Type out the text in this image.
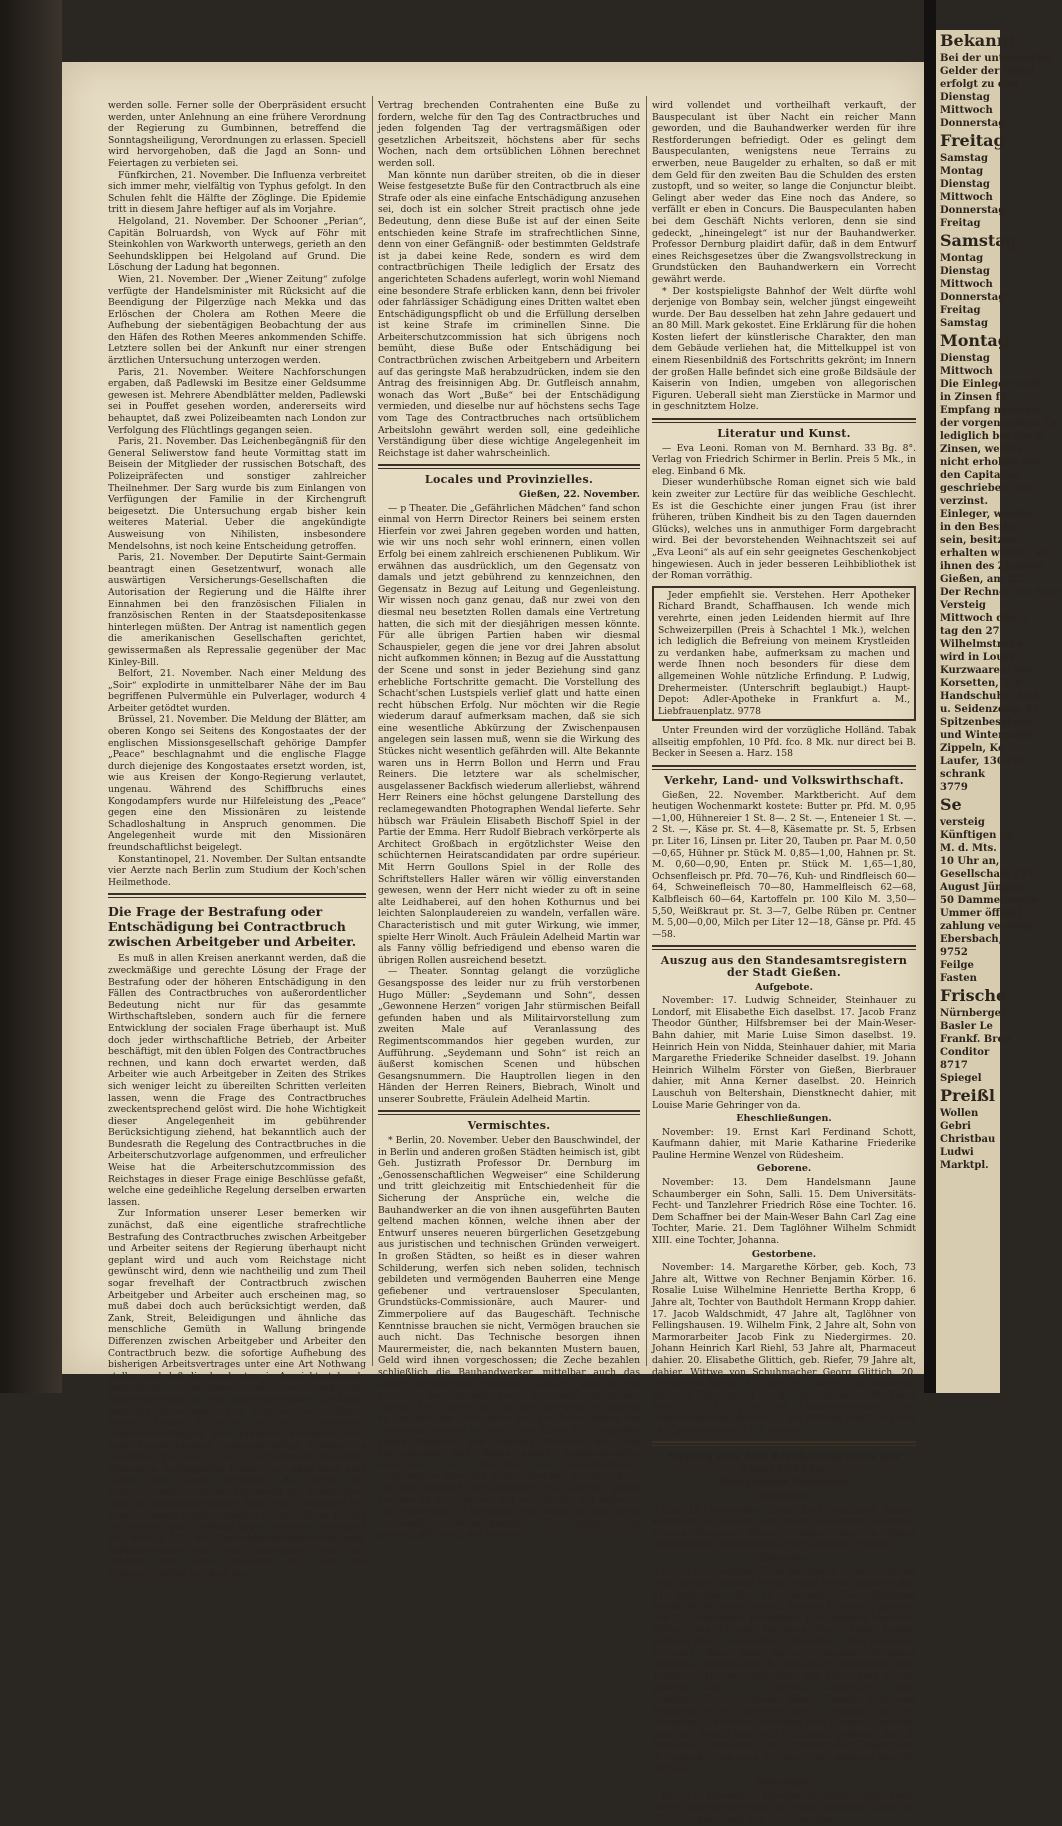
werden solle. Ferner solle der Oberpräsident ersucht werden, unter Anlehnung an eine frühere Verordnung der Regierung zu Gumbinnen, betreffend die Sonntagsheiligung, Verordnungen zu erlassen. Speciell wird hervorgehoben, daß die Jagd an Sonn- und Feiertagen zu verbieten sei.

Fünfkirchen, 21. November. Die Influenza verbreitet sich immer mehr, vielfältig von Typhus gefolgt. In den Schulen fehlt die Hälfte der Zöglinge. Die Epidemie tritt in diesem Jahre heftiger auf als im Vorjahre.

Helgoland, 21. November. Der Schooner „Perian“, Capitän Bolruardsh, von Wyck auf Föhr mit Steinkohlen von Warkworth unterwegs, gerieth an den Seehundsklippen bei Helgoland auf Grund. Die Löschung der Ladung hat begonnen.

Wien, 21. November. Der „Wiener Zeitung“ zufolge verfügte der Handelsminister mit Rücksicht auf die Beendigung der Pilgerzüge nach Mekka und das Erlöschen der Cholera am Rothen Meere die Aufhebung der siebentägigen Beobachtung der aus den Häfen des Rothen Meeres ankommenden Schiffe. Letztere sollen bei der Ankunft nur einer strengen ärztlichen Untersuchung unterzogen werden.

Paris, 21. November. Weitere Nachforschungen ergaben, daß Padlewski im Besitze einer Geldsumme gewesen ist. Mehrere Abendblätter melden, Padlewski sei in Pouffet gesehen worden, andererseits wird behauptet, daß zwei Polizeibeamten nach London zur Verfolgung des Flüchtlings gegangen seien.

Paris, 21. November. Das Leichenbegängniß für den General Seliwerstow fand heute Vormittag statt im Beisein der Mitglieder der russischen Botschaft, des Polizeipräfecten und sonstiger zahlreicher Theilnehmer. Der Sarg wurde bis zum Einlangen von Verfügungen der Familie in der Kirchengruft beigesetzt. Die Untersuchung ergab bisher kein weiteres Material. Ueber die angekündigte Ausweisung von Nihilisten, insbesondere Mendelsohns, ist noch keine Entscheidung getroffen.

Paris, 21. November. Der Deputirte Saint-Germain beantragt einen Gesetzentwurf, wonach alle auswärtigen Versicherungs-Gesellschaften die Autorisation der Regierung und die Hälfte ihrer Einnahmen bei den französischen Filialen in französischen Renten in der Staatsdepositenkasse hinterlegen müßten. Der Antrag ist namentlich gegen die amerikanischen Gesellschaften gerichtet, gewissermaßen als Repressalie gegenüber der Mac Kinley-Bill.

Belfort, 21. November. Nach einer Meldung des „Soir“ explodirte in unmittelbarer Nähe der im Bau begriffenen Pulvermühle ein Pulverlager, wodurch 4 Arbeiter getödtet wurden.

Brüssel, 21. November. Die Meldung der Blätter, am oberen Kongo sei Seitens des Kongostaates der der englischen Missionsgesellschaft gehörige Dampfer „Peace“ beschlagnahmt und die englische Flagge durch diejenige des Kongostaates ersetzt worden, ist, wie aus Kreisen der Kongo-Regierung verlautet, ungenau. Während des Schiffbruchs eines Kongodampfers wurde nur Hilfeleistung des „Peace“ gegen eine den Missionären zu leistende Schadloshaltung in Anspruch genommen. Die Angelegenheit wurde mit den Missionären freundschaftlichst beigelegt.

Konstantinopel, 21. November. Der Sultan entsandte vier Aerzte nach Berlin zum Studium der Koch'schen Heilmethode.

Die Frage der Bestrafung oder Entschädigung bei Contractbruch zwischen Arbeitgeber und Arbeiter.

Es muß in allen Kreisen anerkannt werden, daß die zweckmäßige und gerechte Lösung der Frage der Bestrafung oder der höheren Entschädigung in den Fällen des Contractbruches von außerordentlicher Bedeutung nicht nur für das gesammte Wirthschaftsleben, sondern auch für die fernere Entwicklung der socialen Frage überhaupt ist. Muß doch jeder wirthschaftliche Betrieb, der Arbeiter beschäftigt, mit den üblen Folgen des Contractbruches rechnen, und kann doch erwartet werden, daß Arbeiter wie auch Arbeitgeber in Zeiten des Strikes sich weniger leicht zu übereilten Schritten verleiten lassen, wenn die Frage des Contractbruches zweckentsprechend gelöst wird. Die hohe Wichtigkeit dieser Angelegenheit im gebührender Berücksichtigung ziehend, hat bekanntlich auch der Bundesrath die Regelung des Contractbruches in die Arbeiterschutzvorlage aufgenommen, und erfreulicher Weise hat die Arbeiterschutzcommission des Reichstages in dieser Frage einige Beschlüsse gefaßt, welche eine gedeihliche Regelung derselben erwarten lassen.

Zur Information unserer Leser bemerken wir zunächst, daß eine eigentliche strafrechtliche Bestrafung des Contractbruches zwischen Arbeitgeber und Arbeiter seitens der Regierung überhaupt nicht geplant wird und auch vom Reichstage nicht gewünscht wird, denn wie nachtheilig und zum Theil sogar frevelhaft der Contractbruch zwischen Arbeitgeber und Arbeiter auch erscheinen mag, so muß dabei doch auch berücksichtigt werden, daß Zank, Streit, Beleidigungen und ähnliche das menschliche Gemüth in Wallung bringende Differenzen zwischen Arbeitgeber und Arbeiter den Contractbruch bezw. die sofortige Aufhebung des bisherigen Arbeitsvertrages unter eine Art Nothwang stellen und daß die durch etwa in Aussicht stehende Bestrafung erzwungene Aufrechterhaltung des Arbeitsvertrages zu den unerträglichsten Zuständen zwischen Arbeitgeber und Arbeiter leicht führen könnte. Zudem dürfte es in Zeiten allgemeiner Arbeitseinstellungen auch praktisch unmöglich sein, etwa hunderttausend contractbrüchige Arbeiter zu bestrafen. Das durch den Contractbruch beleidigte öffentliche Rechtsgefühl fordert nun aber doch eine Sühne und ebenso verlangen die durch den Contractbruch verletzten Interessen der Arbeitgeber, resp. im entgegengesetzten Falle auch diejenigen der Arbeiter einen entsprechenden Schutz. Diese Punkte der schwierigen Sachlage gegen einander abwägend soll nach § 125 der Gewerbeordnungsnovelle resp. Arbeiterschutzvorlage dem Arbeitgeber wie dem Arbeiter das Recht zustehen, im Falle des Contractbruches von dem den

Vertrag brechenden Contrahenten eine Buße zu fordern, welche für den Tag des Contractbruches und jeden folgenden Tag der vertragsmäßigen oder gesetzlichen Arbeitszeit, höchstens aber für sechs Wochen, nach dem ortsüblichen Löhnen berechnet werden soll.

Man könnte nun darüber streiten, ob die in dieser Weise festgesetzte Buße für den Contractbruch als eine Strafe oder als eine einfache Entschädigung anzusehen sei, doch ist ein solcher Streit practisch ohne jede Bedeutung, denn diese Buße ist auf der einen Seite entschieden keine Strafe im strafrechtlichen Sinne, denn von einer Gefängniß- oder bestimmten Geldstrafe ist ja dabei keine Rede, sondern es wird dem contractbrüchigen Theile lediglich der Ersatz des angerichteten Schadens auferlegt, worin wohl Niemand eine besondere Strafe erblicken kann, denn bei frivoler oder fahrlässiger Schädigung eines Dritten waltet eben Entschädigungspflicht ob und die Erfüllung derselben ist keine Strafe im criminellen Sinne. Die Arbeiterschutzcommission hat sich übrigens noch bemüht, diese Buße oder Entschädigung bei Contractbrüchen zwischen Arbeitgebern und Arbeitern auf das geringste Maß herabzudrücken, indem sie den Antrag des freisinnigen Abg. Dr. Gutfleisch annahm, wonach das Wort „Buße“ bei der Entschädigung vermieden, und dieselbe nur auf höchstens sechs Tage vom Tage des Contractbruches nach ortsüblichem Arbeitslohn gewährt werden soll, eine gedeihliche Verständigung über diese wichtige Angelegenheit im Reichstage ist daher wahrscheinlich.

Locales und Provinzielles.
Gießen, 22. November.

— p Theater. Die „Gefährlichen Mädchen“ fand schon einmal von Herrn Director Reiners bei seinem ersten Hierfein vor zwei Jahren gegeben worden und hatten, wie wir uns noch sehr wohl erinnern, einen vollen Erfolg bei einem zahlreich erschienenen Publikum. Wir erwähnen das ausdrücklich, um den Gegensatz von damals und jetzt gebührend zu kennzeichnen, den Gegensatz in Bezug auf Leitung und Gegenleistung. Wir wissen noch ganz genau, daß nur zwei von den diesmal neu besetzten Rollen damals eine Vertretung hatten, die sich mit der diesjährigen messen könnte. Für alle übrigen Partien haben wir diesmal Schauspieler, gegen die jene vor drei Jahren absolut nicht aufkommen können; in Bezug auf die Ausstattung der Scene und sonst in jeder Beziehung sind ganz erhebliche Fortschritte gemacht. Die Vorstellung des Schacht'schen Lustspiels verlief glatt und hatte einen recht hübschen Erfolg. Nur möchten wir die Regie wiederum darauf aufmerksam machen, daß sie sich eine wesentliche Abkürzung der Zwischenpausen angelegen sein lassen muß, wenn sie die Wirkung des Stückes nicht wesentlich gefährden will. Alte Bekannte waren uns in Herrn Bollon und Herrn und Frau Reiners. Die letztere war als schelmischer, ausgelassener Backfisch wiederum allerliebst, während Herr Reiners eine höchst gelungene Darstellung des reclamegewandten Photographen Wendal lieferte. Sehr hübsch war Fräulein Elisabeth Bischoff Spiel in der Partie der Emma. Herr Rudolf Biebrach verkörperte als Architect Großbach in ergötzlichster Weise den schüchternen Heiratscandidaten par ordre supérieur. Mit Herrn Goullons Spiel in der Rolle des Schriftstellers Haller wären wir völlig einverstanden gewesen, wenn der Herr nicht wieder zu oft in seine alte Leidhaberei, auf den hohen Kothurnus und bei leichten Salonplaudereien zu wandeln, verfallen wäre. Characteristisch und mit guter Wirkung, wie immer, spielte Herr Winolt. Auch Fräulein Adelheid Martin war als Fanny völlig befriedigend und ebenso waren die übrigen Rollen ausreichend besetzt.

— Theater. Sonntag gelangt die vorzügliche Gesangsposse des leider nur zu früh verstorbenen Hugo Müller: „Seydemann und Sohn“, dessen „Gewonnene Herzen“ vorigen Jahr stürmischen Beifall gefunden haben und als Militairvorstellung zum zweiten Male auf Veranlassung des Regimentscommandos hier gegeben wurden, zur Aufführung. „Seydemann und Sohn“ ist reich an äußerst komischen Scenen und hübschen Gesangsnummern. Die Hauptrollen liegen in den Händen der Herren Reiners, Biebrach, Winolt und unserer Soubrette, Fräulein Adelheid Martin.

Vermischtes.

* Berlin, 20. November. Ueber den Bauschwindel, der in Berlin und anderen großen Städten heimisch ist, gibt Geh. Justizrath Professor Dr. Dernburg im „Genossenschaftlichen Wegweiser“ eine Schilderung und tritt gleichzeitig mit Entschiedenheit für die Sicherung der Ansprüche ein, welche die Bauhandwerker an die von ihnen ausgeführten Bauten geltend machen können, welche ihnen aber der Entwurf unseres neueren bürgerlichen Gesetzgebung aus juristischen und technischen Gründen verweigert. In großen Städten, so heißt es in dieser wahren Schilderung, werfen sich neben soliden, technisch gebildeten und vermögenden Bauherren eine Menge gefiebener und vertrauensloser Speculanten, Grundstücks-Commissionäre, auch Maurer- und Zimmerpoliere auf das Baugeschäft. Technische Kenntnisse brauchen sie nicht, Vermögen brauchen sie auch nicht. Das Technische besorgen ihnen Maurermeister, die, nach bekannten Mustern bauen, Geld wird ihnen vorgeschossen; die Zeche bezahlen schließlich die Bauhandwerker, mittelbar auch das wohnungsbedürftige Publikum. Gemacht wird es also so: Der Bauspeculant kauft ein möglichst großes Terrain. Da er nichts hat und das Geld borgt, so kommt es ihm auf den Preis nicht viel an. Daher gehen die Grundstückspreise so sehr in die Höhe. Die Baugelder geben Bankiers und einzelne Bankiers mit dem Fortschreiten des Baues gegen hypothekarische Sicherheit. Die Lieferanten von Baumaterialien, insbesondere aber die Bauhandwerker, erhalten dann und den Baugeld „Anzahlungen“. Im Uebrigen geben sie, wie es ihr Geschäft mit sich bringt, mit Arbeiten und Materialien in Vorschuß. Nun kann sich die Sache in zweifacher Weise gestalten. Die Conjunctur ist günstig, glänzend, der Neubau

wird vollendet und vortheilhaft verkauft, der Bauspeculant ist über Nacht ein reicher Mann geworden, und die Bauhandwerker werden für ihre Restforderungen befriedigt. Oder es gelingt dem Bauspeculanten, wenigstens neue Terrains zu erwerben, neue Baugelder zu erhalten, so daß er mit dem Geld für den zweiten Bau die Schulden des ersten zustopft, und so weiter, so lange die Conjunctur bleibt. Gelingt aber weder das Eine noch das Andere, so verfällt er eben in Concurs. Die Bauspeculanten haben bei dem Geschäft Nichts verloren, denn sie sind gedeckt, „hineingelegt“ ist nur der Bauhandwerker. Professor Dernburg plaidirt dafür, daß in dem Entwurf eines Reichsgesetzes über die Zwangsvollstreckung in Grundstücken den Bauhandwerkern ein Vorrecht gewährt werde.

* Der kostspieligste Bahnhof der Welt dürfte wohl derjenige von Bombay sein, welcher jüngst eingeweiht wurde. Der Bau desselben hat zehn Jahre gedauert und an 80 Mill. Mark gekostet. Eine Erklärung für die hohen Kosten liefert der künstlerische Charakter, den man dem Gebäude verliehen hat, die Mittelkuppel ist von einem Riesenbildniß des Fortschritts gekrönt; im Innern der großen Halle befindet sich eine große Bildsäule der Kaiserin von Indien, umgeben von allegorischen Figuren. Ueberall sieht man Zierstücke in Marmor und in geschnitztem Holze.

Literatur und Kunst.

— Eva Leoni. Roman von M. Bernhard. 33 Bg. 8°. Verlag von Friedrich Schirmer in Berlin. Preis 5 Mk., in eleg. Einband 6 Mk.

Dieser wunderhübsche Roman eignet sich wie bald kein zweiter zur Lectüre für das weibliche Geschlecht. Es ist die Geschichte einer jungen Frau (ist ihrer früheren, trüben Kindheit bis zu den Tagen dauernden Glücks), welches uns in anmuthiger Form dargebracht wird. Bei der bevorstehenden Weihnachtszeit sei auf „Eva Leoni“ als auf ein sehr geeignetes Geschenkobject hingewiesen. Auch in jeder besseren Leihbibliothek ist der Roman vorräthig.

Jeder empfiehlt sie. Verstehen. Herr Apotheker Richard Brandt, Schaffhausen. Ich wende mich verehrte, einen jeden Leidenden hiermit auf Ihre Schweizerpillen (Preis à Schachtel 1 Mk.), welchen ich lediglich die Befreiung von meinem Krystleiden zu verdanken habe, aufmerksam zu machen und werde Ihnen noch besonders für diese dem allgemeinen Wohle nützliche Erfindung. P. Ludwig, Drehermeister. (Unterschrift beglaubigt.) Haupt-Depot: Adler-Apotheke in Frankfurt a. M., Liebfrauenplatz. 9778

Unter Freunden wird der vorzügliche Holländ. Tabak allseitig empfohlen, 10 Pfd. fco. 8 Mk. nur direct bei B. Becker in Seesen a. Harz. 158

Verkehr, Land- und Volkswirthschaft.

Gießen, 22. November. Marktbericht. Auf dem heutigen Wochenmarkt kostete: Butter pr. Pfd. M. 0,95—1,00, Hühnereier 1 St. 8—. 2 St. —, Enteneier 1 St. —. 2 St. —, Käse pr. St. 4—8, Käsematte pr. St. 5, Erbsen pr. Liter 16, Linsen pr. Liter 20, Tauben pr. Paar M. 0,50—0,65, Hühner pr. Stück M. 0,85—1,00, Hahnen pr. St. M. 0,60—0,90, Enten pr. Stück M. 1,65—1,80, Ochsenfleisch pr. Pfd. 70—76, Kuh- und Rindfleisch 60—64, Schweinefleisch 70—80, Hammelfleisch 62—68, Kalbfleisch 60—64, Kartoffeln pr. 100 Kilo M. 3,50—5,50, Weißkraut pr. St. 3—7, Gelbe Rüben pr. Centner M. 5,00—0,00, Milch per Liter 12—18, Gänse pr. Pfd. 45—58.

Auszug aus den Standesamtsregistern der Stadt Gießen.
Aufgebote.

November: 17. Ludwig Schneider, Steinhauer zu Londorf, mit Elisabethe Eich daselbst. 17. Jacob Franz Theodor Günther, Hilfsbremser bei der Main-Weser-Bahn dahier, mit Marie Luise Simon daselbst. 19. Heinrich Hein von Nidda, Steinhauer dahier, mit Maria Margarethe Friederike Schneider daselbst. 19. Johann Heinrich Wilhelm Förster von Gießen, Bierbrauer dahier, mit Anna Kerner daselbst. 20. Heinrich Lauschuh von Beltershain, Dienstknecht dahier, mit Louise Marie Gehringer von da.

Eheschließungen.

November: 19. Ernst Karl Ferdinand Schott, Kaufmann dahier, mit Marie Katharine Friederike Pauline Hermine Wenzel von Rüdesheim.

Geborene.

November: 13. Dem Handelsmann Jaune Schaumberger ein Sohn, Salli. 15. Dem Universitäts-Fecht- und Tanzlehrer Friedrich Röse eine Tochter. 16. Dem Schaffner bei der Main-Weser Bahn Carl Zag eine Tochter, Marie. 21. Dem Taglöhner Wilhelm Schmidt XIII. eine Tochter, Johanna.

Gestorbene.

November: 14. Margarethe Körber, geb. Koch, 73 Jahre alt, Wittwe von Rechner Benjamin Körber. 16. Rosalie Luise Wilhelmine Henriette Bertha Kropp, 6 Jahre alt, Tochter von Bauthdolt Hermann Kropp dahier. 17. Jacob Waldschmidt, 47 Jahre alt, Taglöhner von Fellingshausen. 19. Wilhelm Fink, 2 Jahre alt, Sohn von Marmorarbeiter Jacob Fink zu Niedergirmes. 20. Johann Heinrich Karl Riehl, 53 Jahre alt, Pharmaceut dahier. 20. Elisabethe Glittich, geb. Riefer, 79 Jahre alt, dahier, Wittwe von Schuhmacher Georg Glittich. 20. Wilhelmine Kleber, 41 Jahre alt, Tochter von Schlosser Heinrich Deuring zu Burg, Amt Herborn. 20. Julius Koch, 1, 61 Jahre alt, Bauunternehmer und Stadtverordneter dahier. 21. Dr. Wilhelm Diehl, 83 Jahre alt, Gymnasiallehrer i. P. dahier.

Auszug aus den Kirchenbüchern der Stadt Gießen.
Evangelische Gemeinde.
Getraute.

Den 19. November. Ernst Karl Ferdinand Schott, Kaufmann zu Gießen, und Marie Katharine Friederike Pauline Hermine Wenzel, Tochter des zu Mainz verstorbenen Districtseinnehmers Heinrich Wenzel.

Getaufte.

Den 15. November. Dem Kaufmann Heinrich Boller eine Tochter, Johanna Marie Ottilie Minna, geboren den 21. September. Den 16. November. Dem Schlosser Joseph Berber eine Tochter, Antonie Elisabeth, geboren den 23. September. Denselben. Dem Kommis Hermann Köhler eine Tochter, Dorothea Marie Luise Karola, geboren den 1. September. Denselben. Dem Schreiner Christian Reitz eine Tochter, Johanna Christiane Elisabeth, geboren den 8. September. Denselben. Dem Taglöhner Heinrich Schneider ein Sohn, Jean Georg, geboren den 7. October. Denselben. Dem Lokomotivführer Balthasar Albert Theodor Ferdinand Friedrich Arthur, geboren den 1. August. Den 20. November. Unehelich Zwillinge, eine Tochter, Charlotte, und ein Sohn, Heinrich Balthasar, geboren den 3. November. Denselben. Dem Taglöhner Karl Ziegler Tanz in Gelsenkirchen eine Tochter, Lina, geboren den 28. October.

Beerdigte.

Den 17. November. Margarethe Körber, geb. Koch, Wittwe des verstorbenen Rechners Benjamin Körber, alt 73 Jahre, gestorben den 14. November.

Bekannt
Bei der unterzeichn
Gelder der Hebst
erfolgt zu den
Dienstag
Mittwoch
Donnerstag
Freitag
Samstag
Montag
Dienstag
Mittwoch
Donnerstag
Freitag
Samstag
Montag
Dienstag
Mittwoch
Donnerstag
Freitag
Samstag
Montag
Dienstag
Mittwoch
Die Einleger werd
in Zinsen fü
Empfang nehmen
der vorgenannten Ze
lediglich bei der K
Zinsen, welche
nicht erhoben wor
den Capitalien
geschrieben und
verzinst.
Einleger, welche
in den Besitz
sein, besitzen
erhalten wollen, an
ihnen des Zinsbett
Gießen, am 22.
Der Rechner der Spar
Versteig
Mittwoch den 2
tag den 27.
Wilhelmstraße
wird in Louys
Kurzwaaren, Pos
Korsetten, Sch
Handschuhe, Knö
u. Seidenzeug, Sc
Spitzenbesetzen,
und Wintermänt
Zippeln, Ko
Laufer, 130 cm
schrank
3779
Se
versteig
Künftigen Sa
M. d. Mts.
10 Uhr an,
Gesellschaft 123
August Jünger,
50 Dammelhamm
Ummer öffentl
zahlung versteig
Ebersbach,
9752
Feilge
Fasten
Frische
Nürnberger
Basler Le
Frankf. Bren
Conditor
8717
Spiegel
Preißl
Wollen
Gebri
Christbau
Ludwi
Marktpl.
